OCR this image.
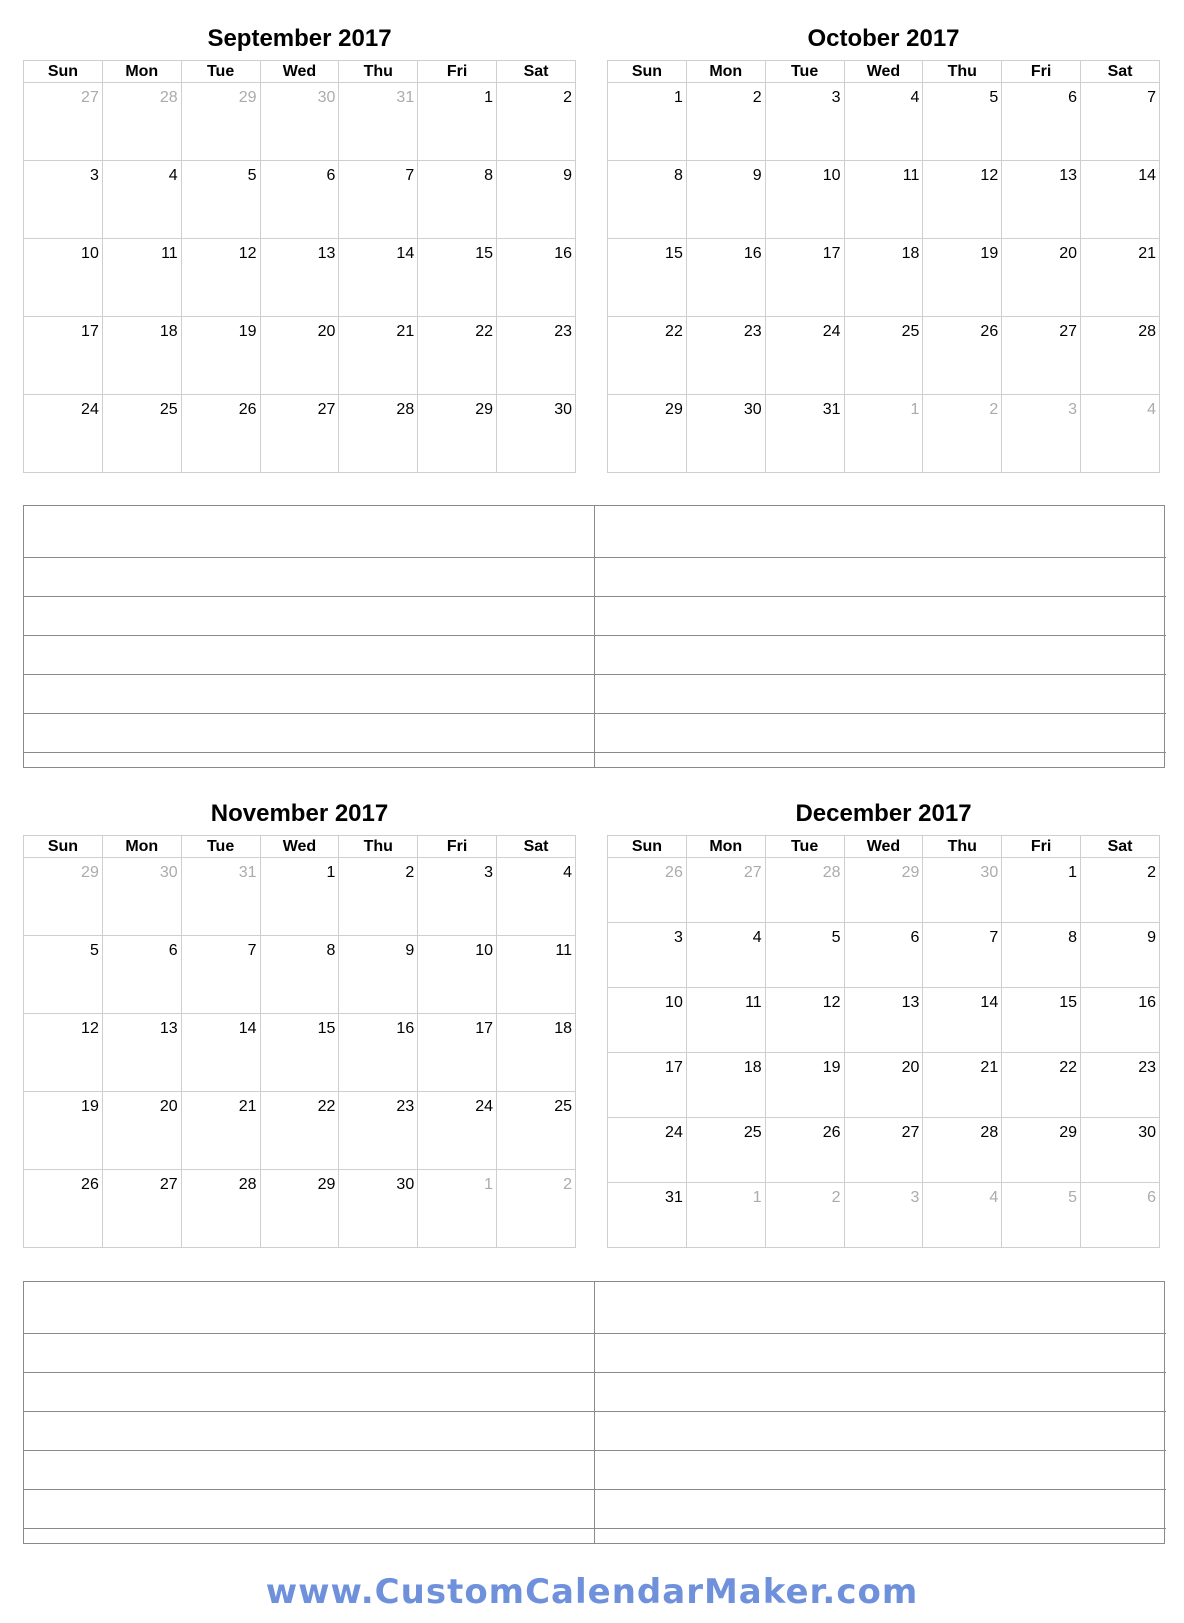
September 2017
Sun	Mon	Tue	Wed	Thu	Fri	Sat

27	28	29	30	31	1	2

3	4	5	6	7	8	9

10	11	12	13	14	15	16

17	18	19	20	21	22	23

24	25	26	27	28	29	30
October 2017
Sun	Mon	Tue	Wed	Thu	Fri	Sat

1	2	3	4	5	6	7

8	9	10	11	12	13	14

15	16	17	18	19	20	21

22	23	24	25	26	27	28

29	30	31	1	2	3	4
November 2017
Sun	Mon	Tue	Wed	Thu	Fri	Sat

29	30	31	1	2	3	4

5	6	7	8	9	10	11

12	13	14	15	16	17	18

19	20	21	22	23	24	25

26	27	28	29	30	1	2
December 2017
Sun	Mon	Tue	Wed	Thu	Fri	Sat

26	27	28	29	30	1	2

3	4	5	6	7	8	9

10	11	12	13	14	15	16

17	18	19	20	21	22	23

24	25	26	27	28	29	30

31	1	2	3	4	5	6
www.CustomCalendarMaker.com
